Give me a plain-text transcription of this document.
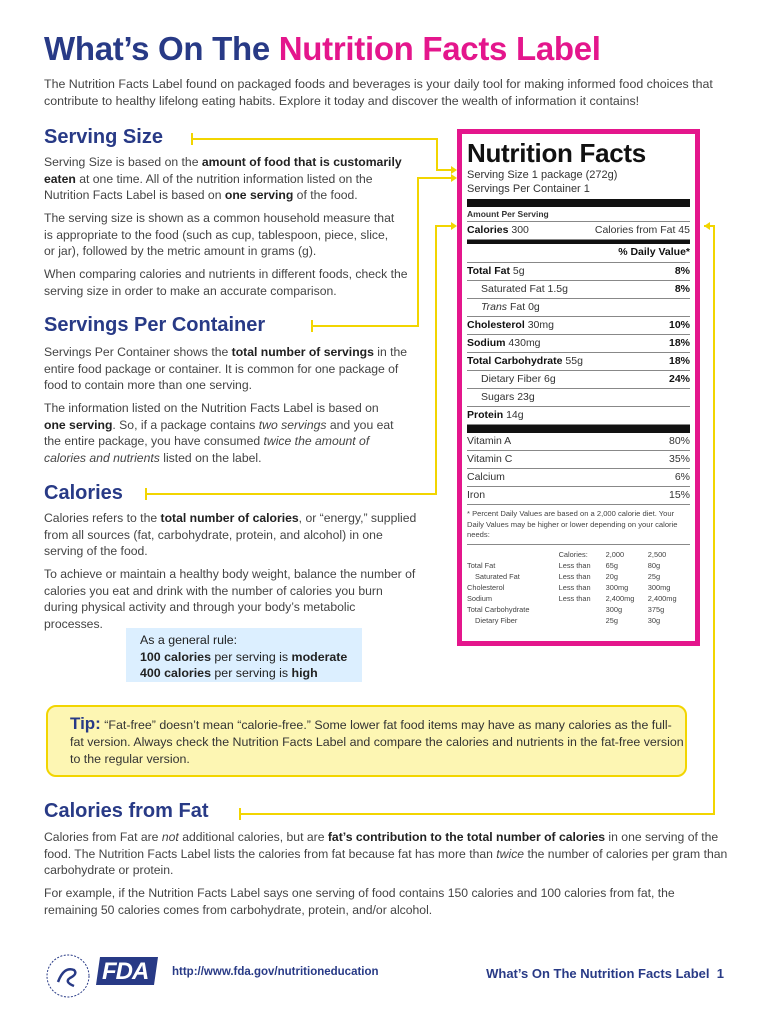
What’s On The Nutrition Facts Label
The Nutrition Facts Label found on packaged foods and beverages is your daily tool for making informed food choices that contribute to healthy lifelong eating habits. Explore it today and discover the wealth of information it contains!
Serving Size
Serving Size is based on the amount of food that is customarily eaten at one time. All of the nutrition information listed on the Nutrition Facts Label is based on one serving of the food.
The serving size is shown as a common household measure that is appropriate to the food (such as cup, tablespoon, piece, slice, or jar), followed by the metric amount in grams (g).
When comparing calories and nutrients in different foods, check the serving size in order to make an accurate comparison.
Servings Per Container
Servings Per Container shows the total number of servings in the entire food package or container. It is common for one package of food to contain more than one serving.
The information listed on the Nutrition Facts Label is based on one serving. So, if a package contains two servings and you eat the entire package, you have consumed twice the amount of calories and nutrients listed on the label.
Calories
Calories refers to the total number of calories, or “energy,” supplied from all sources (fat, carbohydrate, protein, and alcohol) in one serving of the food.
To achieve or maintain a healthy body weight, balance the number of calories you eat and drink with the number of calories you burn during physical activity and through your body’s metabolic processes.
As a general rule:
100 calories per serving is moderate
400 calories per serving is high
Tip: “Fat-free” doesn’t mean “calorie-free.” Some lower fat food items may have as many calories as the full-fat version. Always check the Nutrition Facts Label and compare the calories and nutrients in the fat-free version to the regular version.
Calories from Fat
Calories from Fat are not additional calories, but are fat’s contribution to the total number of calories in one serving of the food. The Nutrition Facts Label lists the calories from fat because fat has more than twice the number of calories per gram than carbohydrate or protein.
For example, if the Nutrition Facts Label says one serving of food contains 150 calories and 100 calories from fat, the remaining 50 calories comes from carbohydrate, protein, and/or alcohol.
Nutrition Facts
Serving Size 1 package (272g)
Servings Per Container 1
Amount Per Serving
Calories 300	Calories from Fat 45
% Daily Value*
Total Fat 5g	8%
Saturated Fat 1.5g	8%
Trans Fat 0g
Cholesterol 30mg	10%
Sodium 430mg	18%
Total Carbohydrate 55g	18%
Dietary Fiber 6g	24%
Sugars 23g
Protein 14g
Vitamin A	80%
Vitamin C	35%
Calcium	6%
Iron	15%
* Percent Daily Values are based on a 2,000 calorie diet. Your Daily Values may be higher or lower depending on your calorie needs:
	Calories:	2,000	2,500
Total Fat	Less than	65g	80g
Saturated Fat	Less than	20g	25g
Cholesterol	Less than	300mg	300mg
Sodium	Less than	2,400mg	2,400mg
Total Carbohydrate		300g	375g
Dietary Fiber		25g	30g
FDA http://www.fda.gov/nutritioneducation	What’s On The Nutrition Facts Label 1
